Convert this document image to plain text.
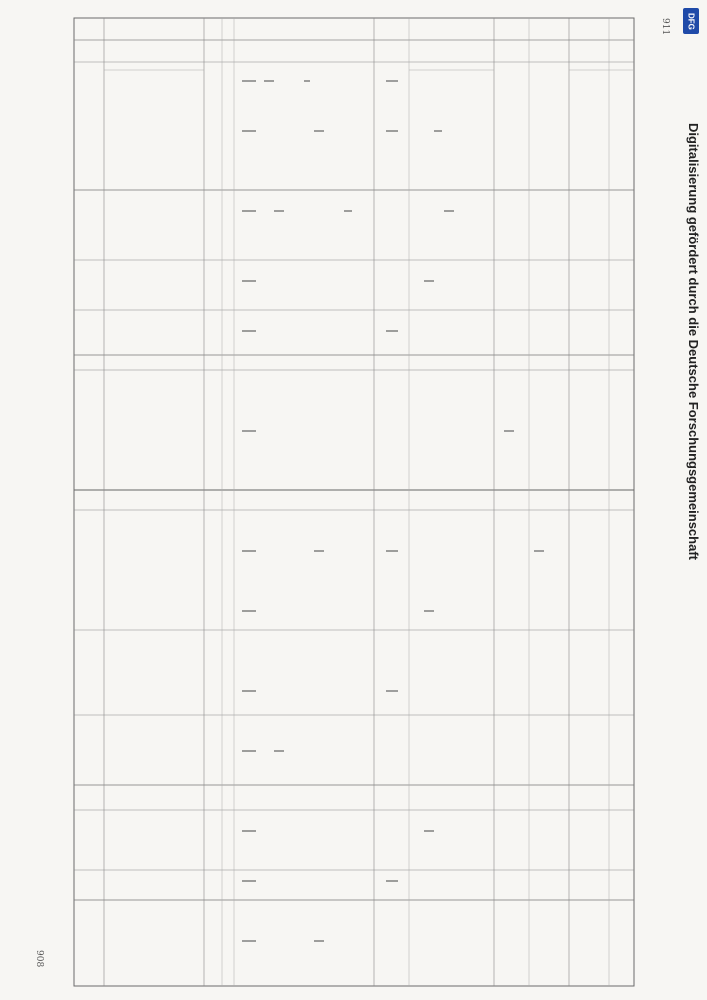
911
908
DFG
Digitalisierung gefördert durch die Deutsche Forschungsgemeinschaft
